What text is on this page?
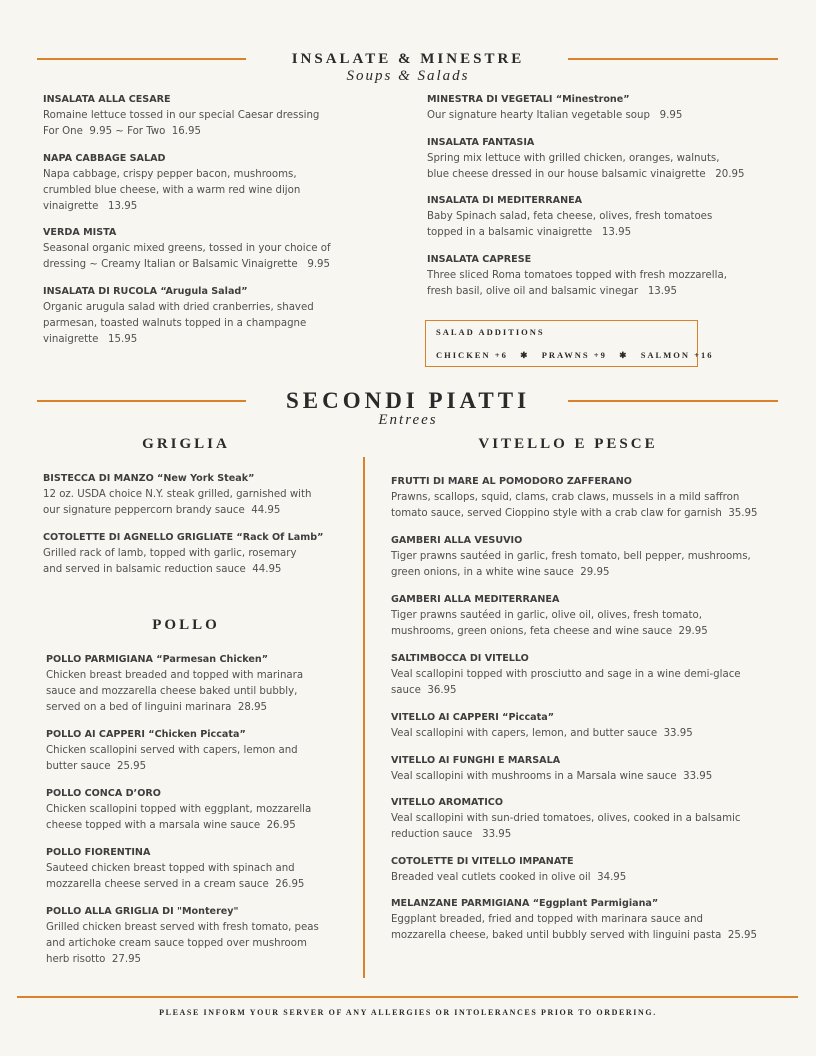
INSALATE & MINESTRE
Soups & Salads
INSALATA ALLA CESARE
Romaine lettuce tossed in our special Caesar dressing
For One  9.95 ~ For Two  16.95
NAPA CABBAGE SALAD
Napa cabbage, crispy pepper bacon, mushrooms,
crumbled blue cheese, with a warm red wine dijon
vinaigrette   13.95
VERDA MISTA
Seasonal organic mixed greens, tossed in your choice of
dressing ~ Creamy Italian or Balsamic Vinaigrette   9.95
INSALATA DI RUCOLA “Arugula Salad”
Organic arugula salad with dried cranberries, shaved
parmesan, toasted walnuts topped in a champagne
vinaigrette   15.95
MINESTRA DI VEGETALI “Minestrone”
Our signature hearty Italian vegetable soup   9.95
INSALATA FANTASIA
Spring mix lettuce with grilled chicken, oranges, walnuts,
blue cheese dressed in our house balsamic vinaigrette   20.95
INSALATA DI MEDITERRANEA
Baby Spinach salad, feta cheese, olives, fresh tomatoes
topped in a balsamic vinaigrette   13.95
INSALATA CAPRESE
Three sliced Roma tomatoes topped with fresh mozzarella,
fresh basil, olive oil and balsamic vinegar   13.95
SALAD ADDITIONS
CHICKEN +6   ✱   PRAWNS +9   ✱   SALMON +16
SECONDI PIATTI
Entrees
GRIGLIA	VITELLO E PESCE
POLLO
BISTECCA DI MANZO “New York Steak”
12 oz. USDA choice N.Y. steak grilled, garnished with
our signature peppercorn brandy sauce  44.95
COTOLETTE DI AGNELLO GRIGLIATE “Rack Of Lamb”
Grilled rack of lamb, topped with garlic, rosemary
and served in balsamic reduction sauce  44.95
POLLO PARMIGIANA “Parmesan Chicken”
Chicken breast breaded and topped with marinara
sauce and mozzarella cheese baked until bubbly,
served on a bed of linguini marinara  28.95
POLLO AI CAPPERI “Chicken Piccata”
Chicken scallopini served with capers, lemon and
butter sauce  25.95
POLLO CONCA D’ORO
Chicken scallopini topped with eggplant, mozzarella
cheese topped with a marsala wine sauce  26.95
POLLO FIORENTINA
Sauteed chicken breast topped with spinach and
mozzarella cheese served in a cream sauce  26.95
POLLO ALLA GRIGLIA DI "Monterey"
Grilled chicken breast served with fresh tomato, peas
and artichoke cream sauce topped over mushroom
herb risotto  27.95
FRUTTI DI MARE AL POMODORO ZAFFERANO
Prawns, scallops, squid, clams, crab claws, mussels in a mild saffron
tomato sauce, served Cioppino style with a crab claw for garnish  35.95
GAMBERI ALLA VESUVIO
Tiger prawns sautéed in garlic, fresh tomato, bell pepper, mushrooms,
green onions, in a white wine sauce  29.95
GAMBERI ALLA MEDITERRANEA
Tiger prawns sautéed in garlic, olive oil, olives, fresh tomato,
mushrooms, green onions, feta cheese and wine sauce  29.95
SALTIMBOCCA DI VITELLO
Veal scallopini topped with prosciutto and sage in a wine demi-glace
sauce  36.95
VITELLO AI CAPPERI “Piccata”
Veal scallopini with capers, lemon, and butter sauce  33.95
VITELLO AI FUNGHI E MARSALA
Veal scallopini with mushrooms in a Marsala wine sauce  33.95
VITELLO AROMATICO
Veal scallopini with sun-dried tomatoes, olives, cooked in a balsamic
reduction sauce   33.95
COTOLETTE DI VITELLO IMPANATE
Breaded veal cutlets cooked in olive oil  34.95
MELANZANE PARMIGIANA “Eggplant Parmigiana”
Eggplant breaded, fried and topped with marinara sauce and
mozzarella cheese, baked until bubbly served with linguini pasta  25.95
PLEASE INFORM YOUR SERVER OF ANY ALLERGIES OR INTOLERANCES PRIOR TO ORDERING.
